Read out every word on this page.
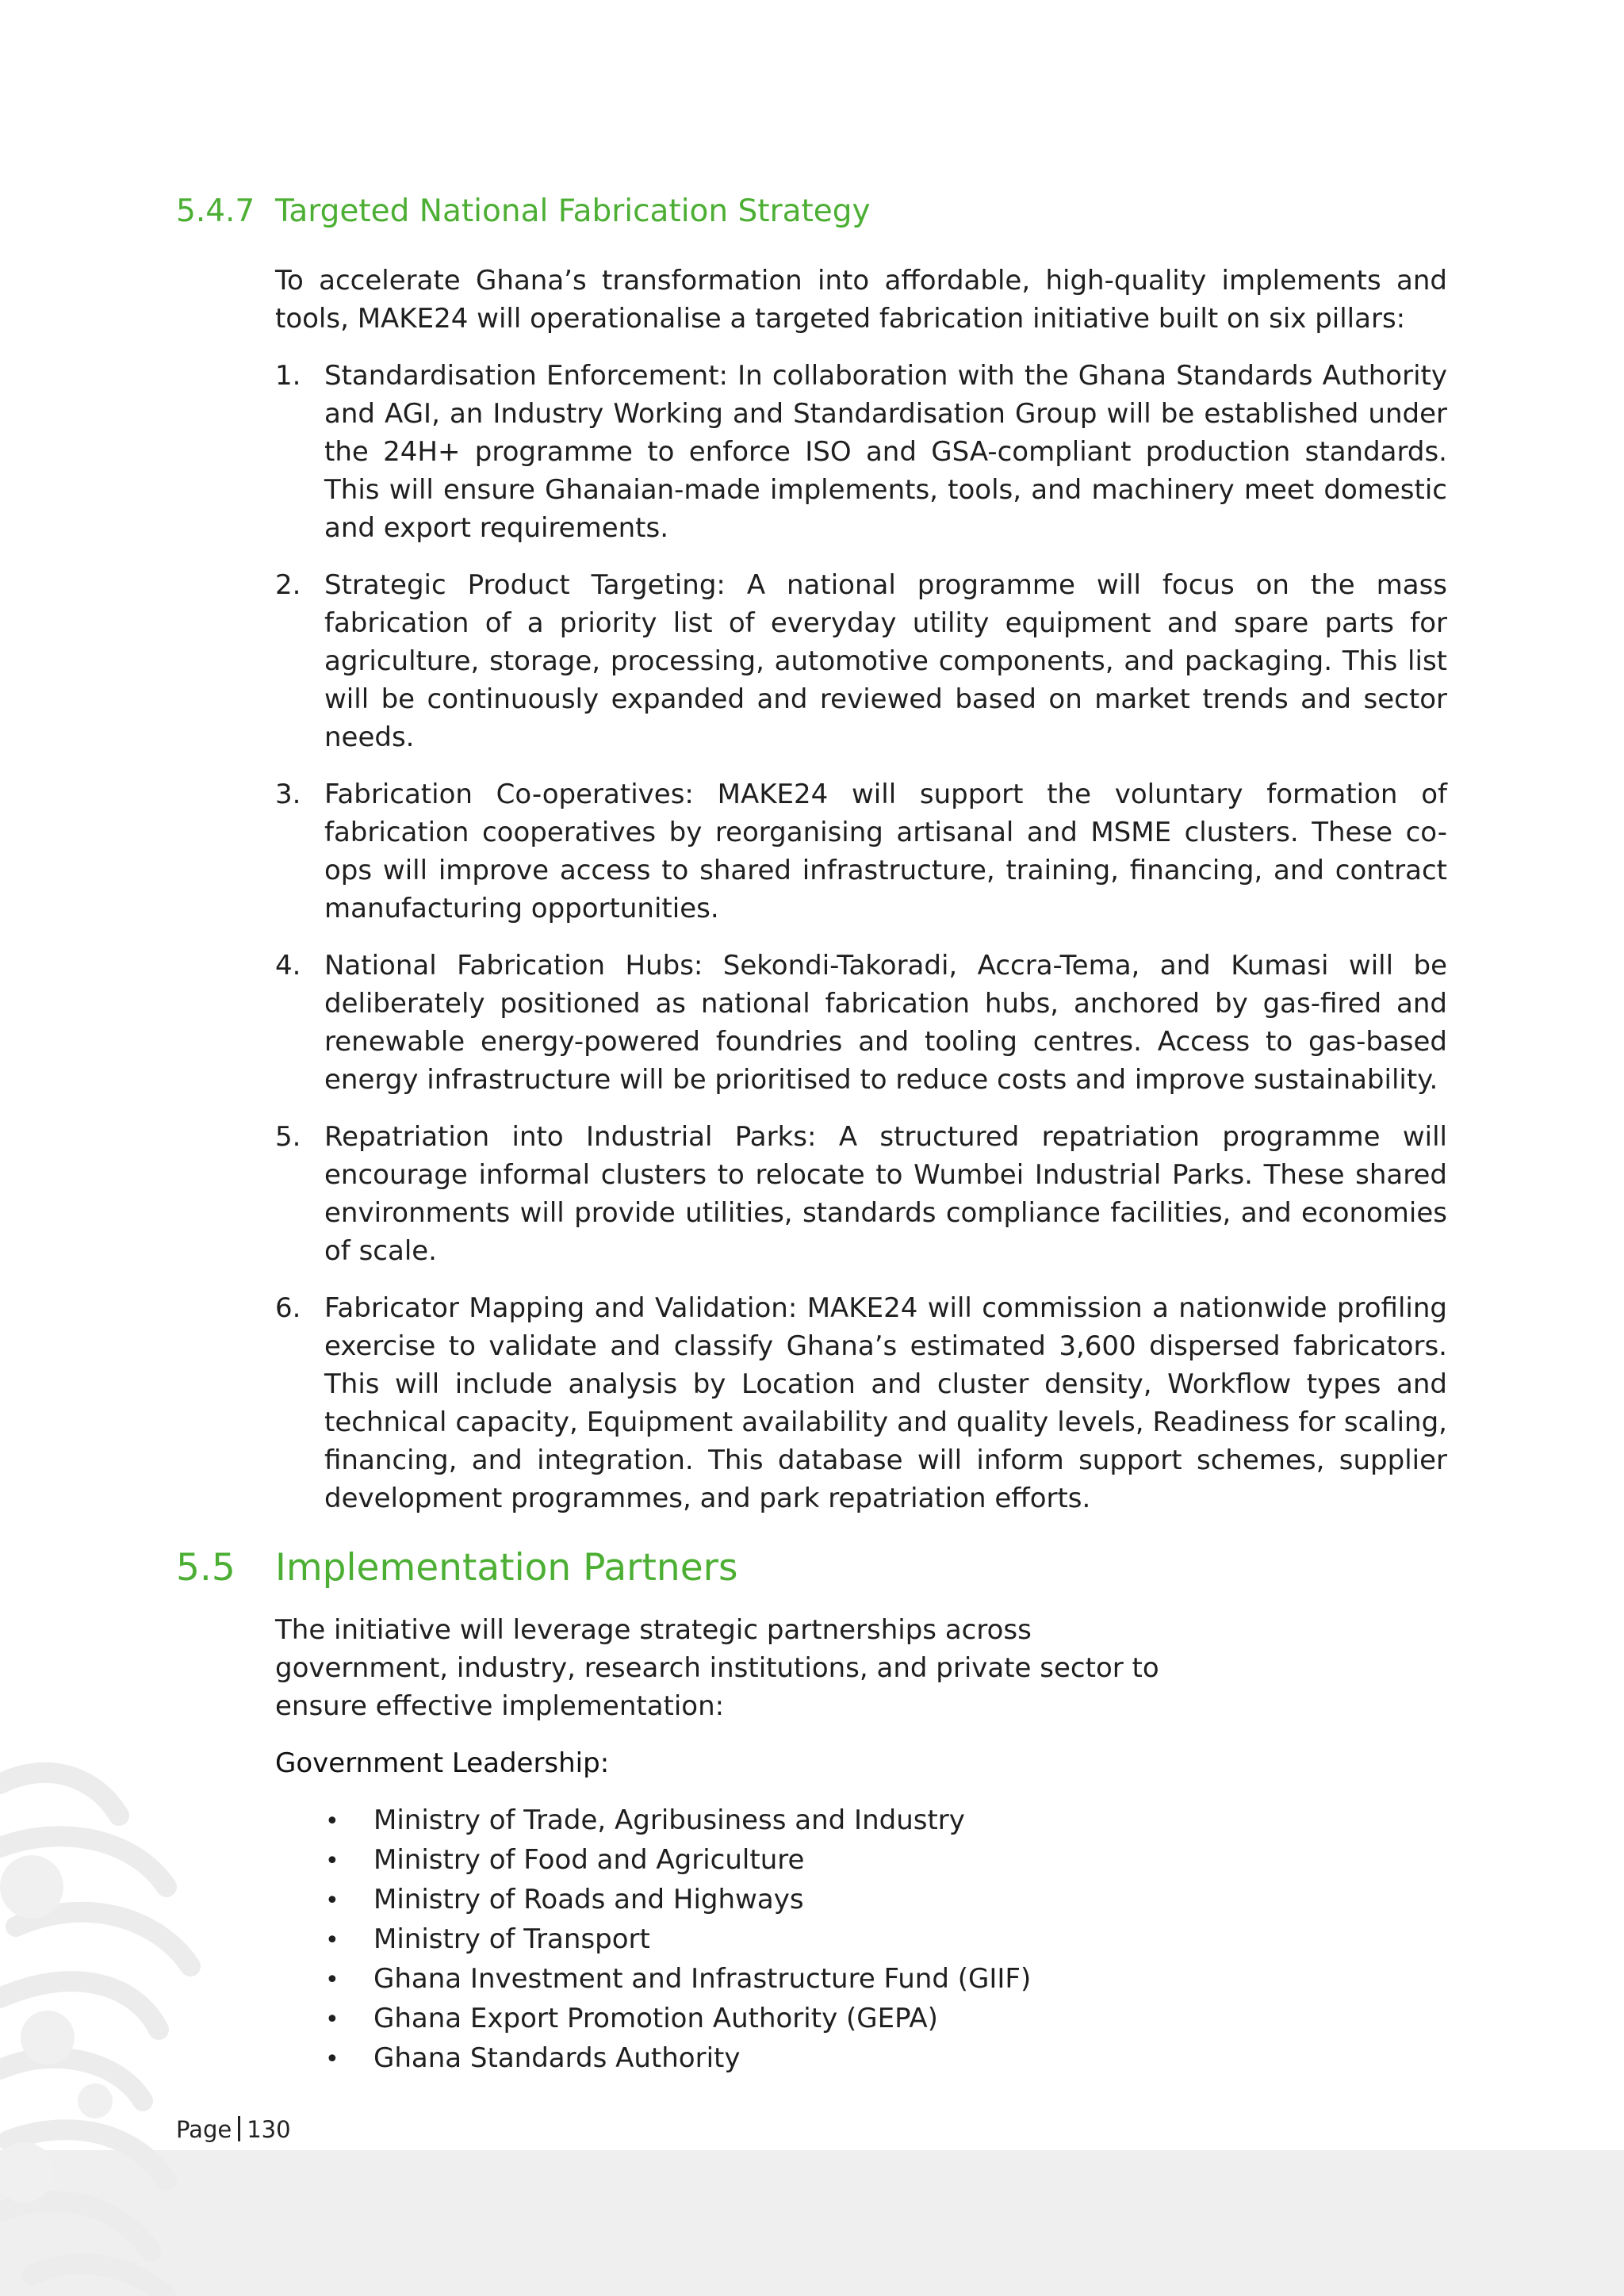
5.4.7 Targeted National Fabrication Strategy

To accelerate Ghana’s transformation into affordable, high-quality implements and tools, MAKE24 will operationalise a targeted fabrication initiative built on six pillars:

1. Standardisation Enforcement: In collaboration with the Ghana Standards Authority and AGI, an Industry Working and Standardisation Group will be established under the 24H+ programme to enforce ISO and GSA-compliant production standards. This will ensure Ghanaian-made implements, tools, and machinery meet domestic and export requirements.
2. Strategic Product Targeting: A national programme will focus on the mass fabrication of a priority list of everyday utility equipment and spare parts for agriculture, storage, processing, automotive components, and packaging. This list will be continuously expanded and reviewed based on market trends and sector needs.
3. Fabrication Co-operatives: MAKE24 will support the voluntary formation of fabrication cooperatives by reorganising artisanal and MSME clusters. These co-ops will improve access to shared infrastructure, training, financing, and contract manufacturing opportunities.
4. National Fabrication Hubs: Sekondi-Takoradi, Accra-Tema, and Kumasi will be deliberately positioned as national fabrication hubs, anchored by gas-fired and renewable energy-powered foundries and tooling centres. Access to gas-based energy infrastructure will be prioritised to reduce costs and improve sustainability.
5. Repatriation into Industrial Parks: A structured repatriation programme will encourage informal clusters to relocate to Wumbei Industrial Parks. These shared environments will provide utilities, standards compliance facilities, and economies of scale.
6. Fabricator Mapping and Validation: MAKE24 will commission a nationwide profiling exercise to validate and classify Ghana’s estimated 3,600 dispersed fabricators. This will include analysis by Location and cluster density, Workflow types and technical capacity, Equipment availability and quality levels, Readiness for scaling, financing, and integration. This database will inform support schemes, supplier development programmes, and park repatriation efforts.
5.5	Implementation Partners

The initiative will leverage strategic partnerships across government, industry, research institutions, and private sector to ensure effective implementation:

Government Leadership:

•	Ministry of Trade, Agribusiness and Industry
•	Ministry of Food and Agriculture
•	Ministry of Roads and Highways
•	Ministry of Transport
•	Ghana Investment and Infrastructure Fund (GIIF)
•	Ghana Export Promotion Authority (GEPA)
•	Ghana Standards Authority
Page 130
